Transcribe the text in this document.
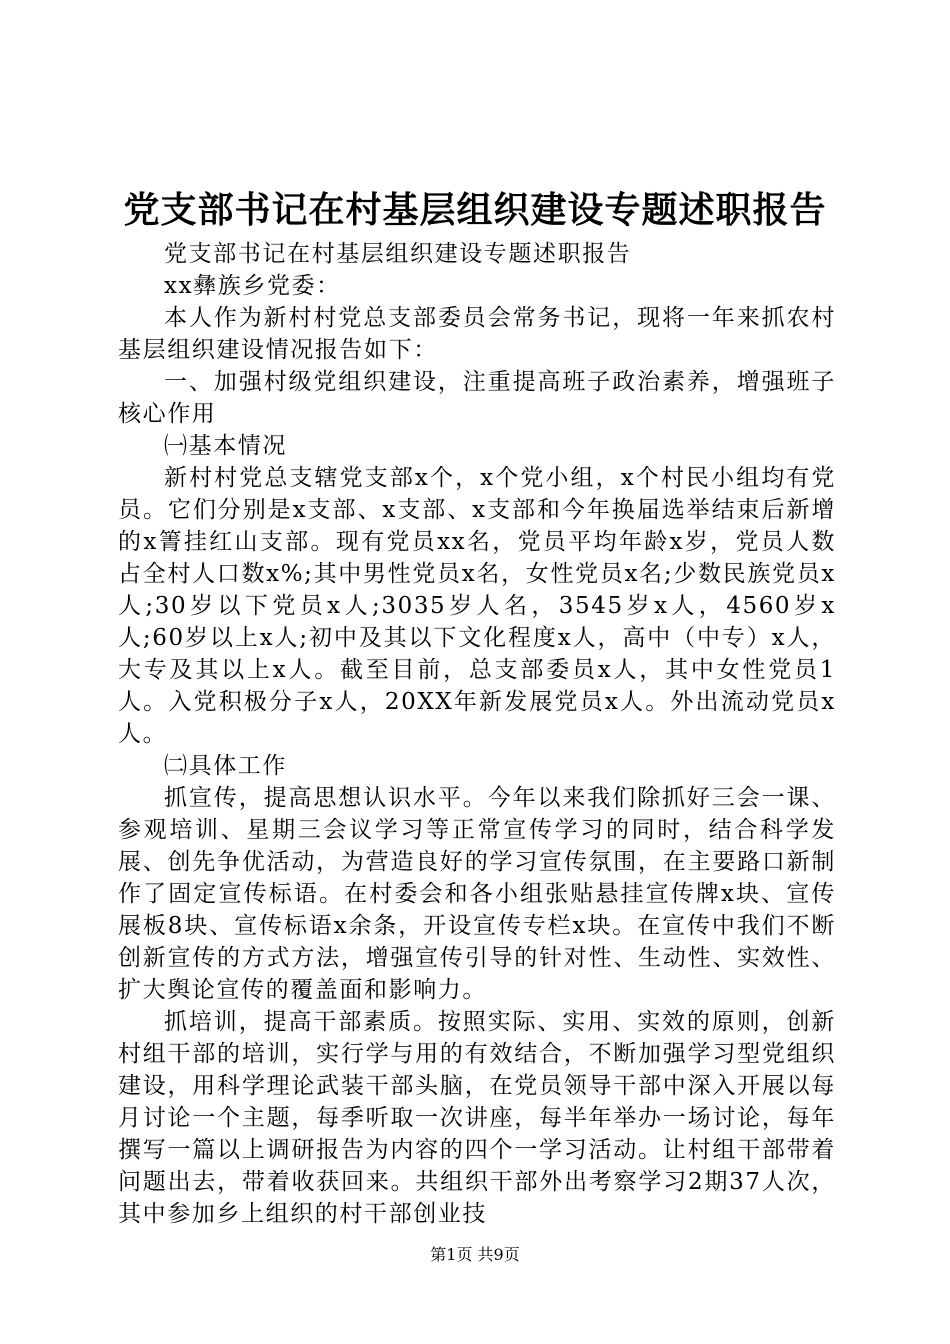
党支部书记在村基层组织建设专题述职报告

党支部书记在村基层组织建设专题述职报告

xx彝族乡党委：

本人作为新村村党总支部委员会常务书记，现将一年来抓农村基层组织建设情况报告如下：

一、加强村级党组织建设，注重提高班子政治素养，增强班子核心作用

㈠基本情况

新村村党总支辖党支部x个，x个党小组，x个村民小组均有党员。它们分别是x支部、x支部、x支部和今年换届选举结束后新增的x箐挂红山支部。现有党员xx名，党员平均年龄x岁，党员人数占全村人口数x%;其中男性党员x名，女性党员x名;少数民族党员x人;30岁以下党员x人;3035岁人名，3545岁x人，4560岁x人;60岁以上x人;初中及其以下文化程度x人，高中（中专）x人，大专及其以上x人。截至目前，总支部委员x人，其中女性党员1人。入党积极分子x人，20XX年新发展党员x人。外出流动党员x人。

㈡具体工作

抓宣传，提高思想认识水平。今年以来我们除抓好三会一课、参观培训、星期三会议学习等正常宣传学习的同时，结合科学发展、创先争优活动，为营造良好的学习宣传氛围，在主要路口新制作了固定宣传标语。在村委会和各小组张贴悬挂宣传牌x块、宣传展板8块、宣传标语x余条，开设宣传专栏x块。在宣传中我们不断创新宣传的方式方法，增强宣传引导的针对性、生动性、实效性、扩大舆论宣传的覆盖面和影响力。

抓培训，提高干部素质。按照实际、实用、实效的原则，创新村组干部的培训，实行学与用的有效结合，不断加强学习型党组织建设，用科学理论武装干部头脑，在党员领导干部中深入开展以每月讨论一个主题，每季听取一次讲座，每半年举办一场讨论，每年撰写一篇以上调研报告为内容的四个一学习活动。让村组干部带着问题出去，带着收获回来。共组织干部外出考察学习2期37人次，其中参加乡上组织的村干部创业技

第1页 共9页
